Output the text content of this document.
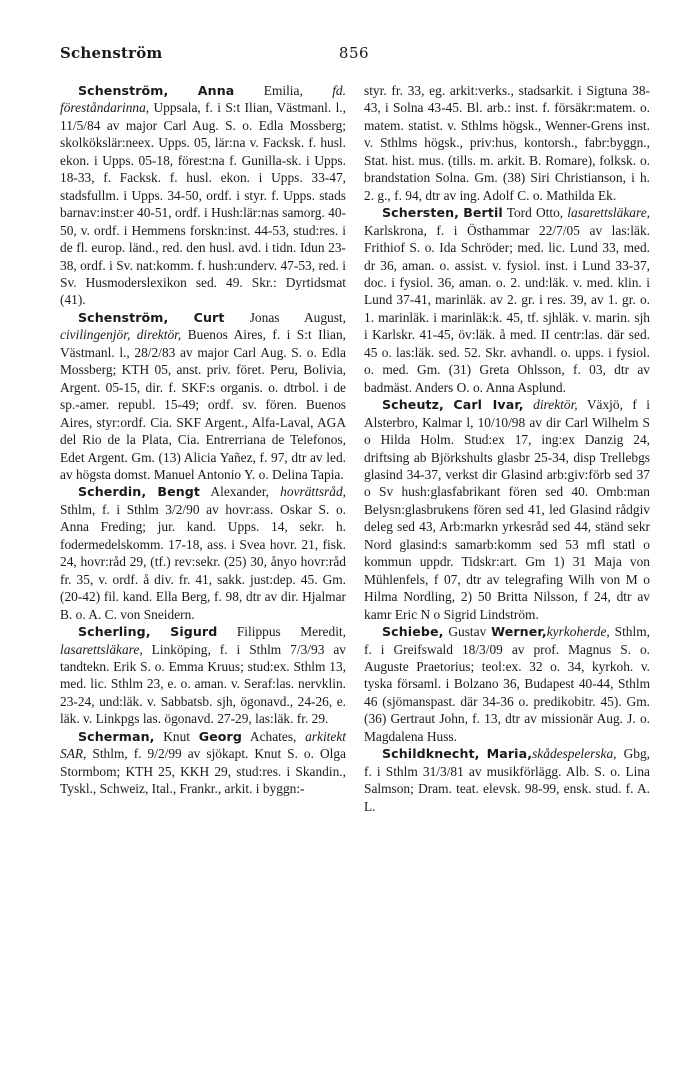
Schenström	856

Schenström, Anna Emilia, fd. föreståndarinna, Uppsala, f. i S:t Ilian, Västmanl. l., 11/5/84 av major Carl Aug. S. o. Edla Mossberg; skolkökslär:neex. Upps. 05, lär:na v. Facksk. f. husl. ekon. i Upps. 05-18, förest:na f. Gunilla-sk. i Upps. 18-33, f. Facksk. f. husl. ekon. i Upps. 33-47, stadsfullm. i Upps. 34-50, ordf. i styr. f. Upps. stads barnav:inst:er 40-51, ordf. i Hush:lär:nas samorg. 40-50, v. ordf. i Hemmens forskn:inst. 44-53, stud:res. i de fl. europ. länd., red. den husl. avd. i tidn. Idun 23-38, ordf. i Sv. nat:komm. f. hush:underv. 47-53, red. i Sv. Husmoderslexikon sed. 49. Skr.: Dyrtidsmat (41).

Schenström, Curt Jonas August, civilingenjör, direktör, Buenos Aires, f. i S:t Ilian, Västmanl. l., 28/2/83 av major Carl Aug. S. o. Edla Mossberg; KTH 05, anst. priv. föret. Peru, Bolivia, Argent. 05-15, dir. f. SKF:s organis. o. dtrbol. i de sp.-amer. republ. 15-49; ordf. sv. fören. Buenos Aires, styr:ordf. Cia. SKF Argent., Alfa-Laval, AGA del Rio de la Plata, Cia. Entrerriana de Telefonos, Edet Argent. Gm. (13) Alicia Yañez, f. 97, dtr av led. av högsta domst. Manuel Antonio Y. o. Delina Tapia.

Scherdin, Bengt Alexander, hovrättsråd, Sthlm, f. i Sthlm 3/2/90 av hovr:ass. Oskar S. o. Anna Freding; jur. kand. Upps. 14, sekr. h. fodermedelskomm. 17-18, ass. i Svea hovr. 21, fisk. 24, hovr:råd 29, (tf.) rev:sekr. (25) 30, ånyo hovr:råd fr. 35, v. ordf. å div. fr. 41, sakk. just:dep. 45. Gm. (20-42) fil. kand. Ella Berg, f. 98, dtr av dir. Hjalmar B. o. A. C. von Sneidern.

Scherling, Sigurd Filippus Meredit, lasarettsläkare, Linköping, f. i Sthlm 7/3/93 av tandtekn. Erik S. o. Emma Kruus; stud:ex. Sthlm 13, med. lic. Sthlm 23, e. o. aman. v. Seraf:las. nervklin. 23-24, und:läk. v. Sabbatsb. sjh, ögonavd., 24-26, e. läk. v. Linkpgs las. ögonavd. 27-29, las:läk. fr. 29.

Scherman, Knut Georg Achates, arkitekt SAR, Sthlm, f. 9/2/99 av sjökapt. Knut S. o. Olga Stormbom; KTH 25, KKH 29, stud:res. i Skandin., Tyskl., Schweiz, Ital., Frankr., arkit. i byggn:-

styr. fr. 33, eg. arkit:verks., stadsarkit. i Sigtuna 38-43, i Solna 43-45. Bl. arb.: inst. f. försäkr:matem. o. matem. statist. v. Sthlms högsk., Wenner-Grens inst. v. Sthlms högsk., priv:hus, kontorsh., fabr:byggn., Stat. hist. mus. (tills. m. arkit. B. Romare), folksk. o. brandstation Solna. Gm. (38) Siri Christianson, i h. 2. g., f. 94, dtr av ing. Adolf C. o. Mathilda Ek.

Schersten, Bertil Tord Otto, lasarettsläkare, Karlskrona, f. i Östhammar 22/7/05 av las:läk. Frithiof S. o. Ida Schröder; med. lic. Lund 33, med. dr 36, aman. o. assist. v. fysiol. inst. i Lund 33-37, doc. i fysiol. 36, aman. o. 2. und:läk. v. med. klin. i Lund 37-41, marinläk. av 2. gr. i res. 39, av 1. gr. o. 1. marinläk. i marinläk:k. 45, tf. sjhläk. v. marin. sjh i Karlskr. 41-45, öv:läk. å med. II centr:las. där sed. 45 o. las:läk. sed. 52. Skr. avhandl. o. upps. i fysiol. o. med. Gm. (31) Greta Ohlsson, f. 03, dtr av badmäst. Anders O. o. Anna Asplund.

Scheutz, Carl Ivar, direktör, Växjö, f i Alsterbro, Kalmar l, 10/10/98 av dir Carl Wilhelm S o Hilda Holm. Stud:ex 17, ing:ex Danzig 24, driftsing ab Björkshults glasbr 25-34, disp Trellebgs glasind 34-37, verkst dir Glasind arb:giv:förb sed 37 o Sv hush:glasfabrikant fören sed 40. Omb:man Belysn:glasbrukens fören sed 41, led Glasind rådgiv deleg sed 43, Arb:markn yrkesråd sed 44, ständ sekr Nord glasind:s samarb:komm sed 53 mfl statl o kommun uppdr. Tidskr:art. Gm 1) 31 Maja von Mühlenfels, f 07, dtr av telegrafing Wilh von M o Hilma Nordling, 2) 50 Britta Nilsson, f 24, dtr av kamr Eric N o Sigrid Lindström.

Schiebe, Gustav Werner,kyrkoherde, Sthlm, f. i Greifswald 18/3/09 av prof. Magnus S. o. Auguste Praetorius; teol:ex. 32 o. 34, kyrkoh. v. tyska församl. i Bolzano 36, Budapest 40-44, Sthlm 46 (sjömanspast. där 34-36 o. predikobitr. 45). Gm. (36) Gertraut John, f. 13, dtr av missionär Aug. J. o. Magdalena Huss.

Schildknecht, Maria,skådespelerska, Gbg, f. i Sthlm 31/3/81 av musikförlägg. Alb. S. o. Lina Salmson; Dram. teat. elevsk. 98-99, ensk. stud. f. A. L.
